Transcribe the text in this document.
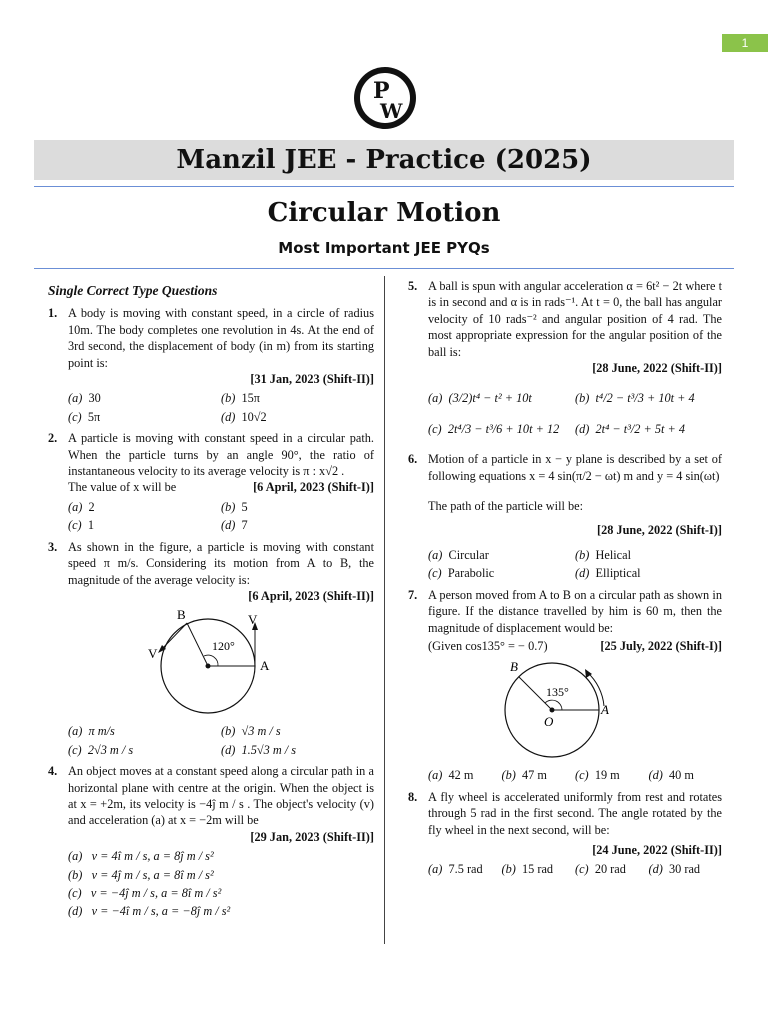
1
P
W
Manzil JEE - Practice (2025)
Circular Motion
Most Important JEE PYQs
Single Correct Type Questions
1. A body is moving with constant speed, in a circle of radius 10m. The body completes one revolution in 4s. At the end of 3rd second, the displacement of body (in m) from its starting point is:
[31 Jan, 2023 (Shift-II)]
(a) 30	(b) 15π
(c) 5π	(d) 10√2
2. A particle is moving with constant speed in a circular path. When the particle turns by an angle 90°, the ratio of instantaneous velocity to its average velocity is π : x√2 .
The value of x will be	[6 April, 2023 (Shift-I)]
(a) 2	(b) 5
(c) 1	(d) 7
3. As shown in the figure, a particle is moving with constant speed π m/s. Considering its motion from A to B, the magnitude of the average velocity is:
[6 April, 2023 (Shift-II)]
B
A
V
V	120°
(a) π m/s	(b) √3 m / s
(c) 2√3 m / s	(d) 1.5√3 m / s
4. An object moves at a constant speed along a circular path in a horizontal plane with centre at the origin. When the object is at x = +2m, its velocity is −4ĵ m / s . The object's velocity (v) and acceleration (a) at x = −2m will be
[29 Jan, 2023 (Shift-II)]
(a) v = 4î m / s, a = 8ĵ m / s²
(b) v = 4ĵ m / s, a = 8î m / s²
(c) v = −4ĵ m / s, a = 8î m / s²
(d) v = −4î m / s, a = −8ĵ m / s²
5. A ball is spun with angular acceleration α = 6t² − 2t where t is in second and α is in rads⁻¹. At t = 0, the ball has angular velocity of 10 rads⁻² and angular position of 4 rad. The most appropriate expression for the angular position of the ball is:
[28 June, 2022 (Shift-II)]
(a) (3/2)t⁴ − t² + 10t	(b) t⁴/2 − t³/3 + 10t + 4
(c) 2t⁴/3 − t³/6 + 10t + 12	(d) 2t⁴ − t³/2 + 5t + 4
6. Motion of a particle in x − y plane is described by a set of following equations x = 4 sin(π/2 − ωt) m and y = 4 sin(ωt)
The path of the particle will be:
[28 June, 2022 (Shift-I)]
(a) Circular	(b) Helical
(c) Parabolic	(d) Elliptical
7. A person moved from A to B on a circular path as shown in figure. If the distance travelled by him is 60 m, then the magnitude of displacement would be:
(Given cos135° = − 0.7)	[25 July, 2022 (Shift-I)]
B
A
O
135°
(a) 42 m	(b) 47 m	(c) 19 m	(d) 40 m
8. A fly wheel is accelerated uniformly from rest and rotates through 5 rad in the first second. The angle rotated by the fly wheel in the next second, will be:
[24 June, 2022 (Shift-II)]
(a) 7.5 rad	(b) 15 rad	(c) 20 rad	(d) 30 rad
